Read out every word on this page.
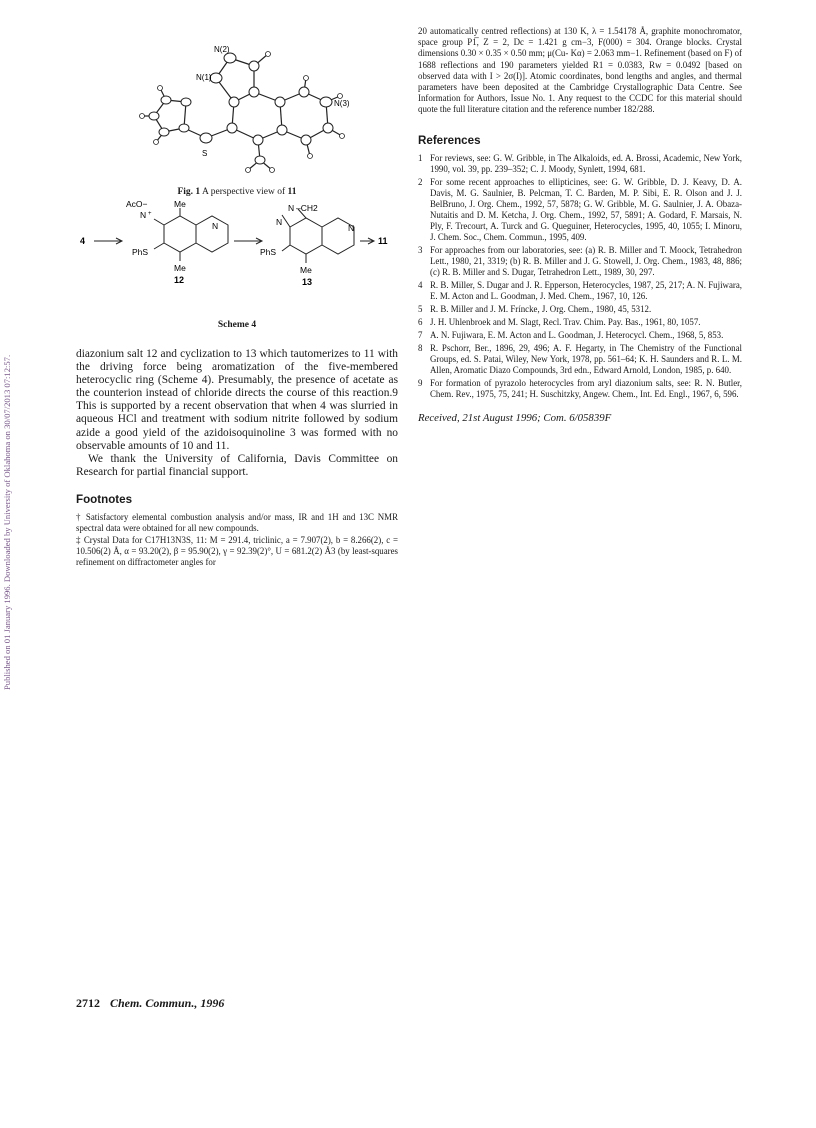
Published on 01 January 1996. Downloaded by University of Oklahoma on 30/07/2013 07:12:57.
N(2)
N(1)
N(3)
S
Fig. 1 A perspective view of 11
4	11
AcO−
N +
Me
Me
PhS
N
12
N –CH2
N
Me
PhS
N
13
Scheme 4

diazonium salt 12 and cyclization to 13 which tautomerizes to 11 with the driving force being aromatization of the five-membered heterocyclic ring (Scheme 4). Presumably, the presence of acetate as the counterion instead of chloride directs the course of this reaction.9 This is supported by a recent observation that when 4 was slurried in aqueous HCl and treatment with sodium nitrite followed by sodium azide a good yield of the azidoisoquinoline 3 was formed with no observable amounts of 10 and 11.

We thank the University of California, Davis Committee on Research for partial financial support.

Footnotes

† Satisfactory elemental combustion analysis and/or mass, IR and 1H and 13C NMR spectral data were obtained for all new compounds.

‡ Crystal Data for C17H13N3S, 11: M = 291.4, triclinic, a = 7.907(2), b = 8.266(2), c = 10.506(2) Å, α = 93.20(2), β = 95.90(2), γ = 92.39(2)°, U = 681.2(2) Å3 (by least-squares refinement on diffractometer angles for

20 automatically centred reflections) at 130 K, λ = 1.54178 Å, graphite monochromator, space group P1̅, Z = 2, Dc = 1.421 g cm−3, F(000) = 304. Orange blocks. Crystal dimensions 0.30 × 0.35 × 0.50 mm; μ(Cu- Kα) = 2.063 mm−1. Refinement (based on F) of 1688 reflections and 190 parameters yielded R1 = 0.0383, Rw = 0.0492 [based on observed data with I > 2σ(I)]. Atomic coordinates, bond lengths and angles, and thermal parameters have been deposited at the Cambridge Crystallographic Data Centre. See Information for Authors, Issue No. 1. Any request to the CCDC for this material should quote the full literature citation and the reference number 182/288.

References
1 For reviews, see: G. W. Gribble, in The Alkaloids, ed. A. Brossi, Academic, New York, 1990, vol. 39, pp. 239–352; C. J. Moody, Synlett, 1994, 681.
2 For some recent approaches to ellipticines, see: G. W. Gribble, D. J. Keavy, D. A. Davis, M. G. Saulnier, B. Pelcman, T. C. Barden, M. P. Sibi, E. R. Olson and J. J. BelBruno, J. Org. Chem., 1992, 57, 5878; G. W. Gribble, M. G. Saulnier, J. A. Obaza-Nutaitis and D. M. Ketcha, J. Org. Chem., 1992, 57, 5891; A. Godard, F. Marsais, N. Ply, F. Trecourt, A. Turck and G. Queguiner, Heterocycles, 1995, 40, 1055; I. Minoru, J. Chem. Soc., Chem. Commun., 1995, 409.
3 For approaches from our laboratories, see: (a) R. B. Miller and T. Moock, Tetrahedron Lett., 1980, 21, 3319; (b) R. B. Miller and J. G. Stowell, J. Org. Chem., 1983, 48, 886; (c) R. B. Miller and S. Dugar, Tetrahedron Lett., 1989, 30, 297.
4 R. B. Miller, S. Dugar and J. R. Epperson, Heterocycles, 1987, 25, 217; A. N. Fujiwara, E. M. Acton and L. Goodman, J. Med. Chem., 1967, 10, 126.
5 R. B. Miller and J. M. Fríncke, J. Org. Chem., 1980, 45, 5312.
6 J. H. Uhlenbroek and M. Slagt, Recl. Trav. Chim. Pay. Bas., 1961, 80, 1057.
7 A. N. Fujiwara, E. M. Acton and L. Goodman, J. Heterocycl. Chem., 1968, 5, 853.
8 R. Pschorr, Ber., 1896, 29, 496; A. F. Hegarty, in The Chemistry of the Functional Groups, ed. S. Patai, Wiley, New York, 1978, pp. 561–64; K. H. Saunders and R. L. M. Allen, Aromatic Diazo Compounds, 3rd edn., Edward Arnold, London, 1985, p. 640.
9 For formation of pyrazolo heterocycles from aryl diazonium salts, see: R. N. Butler, Chem. Rev., 1975, 75, 241; H. Suschitzky, Angew. Chem., Int. Ed. Engl., 1967, 6, 596.
Received, 21st August 1996; Com. 6/05839F
2712 Chem. Commun., 1996
